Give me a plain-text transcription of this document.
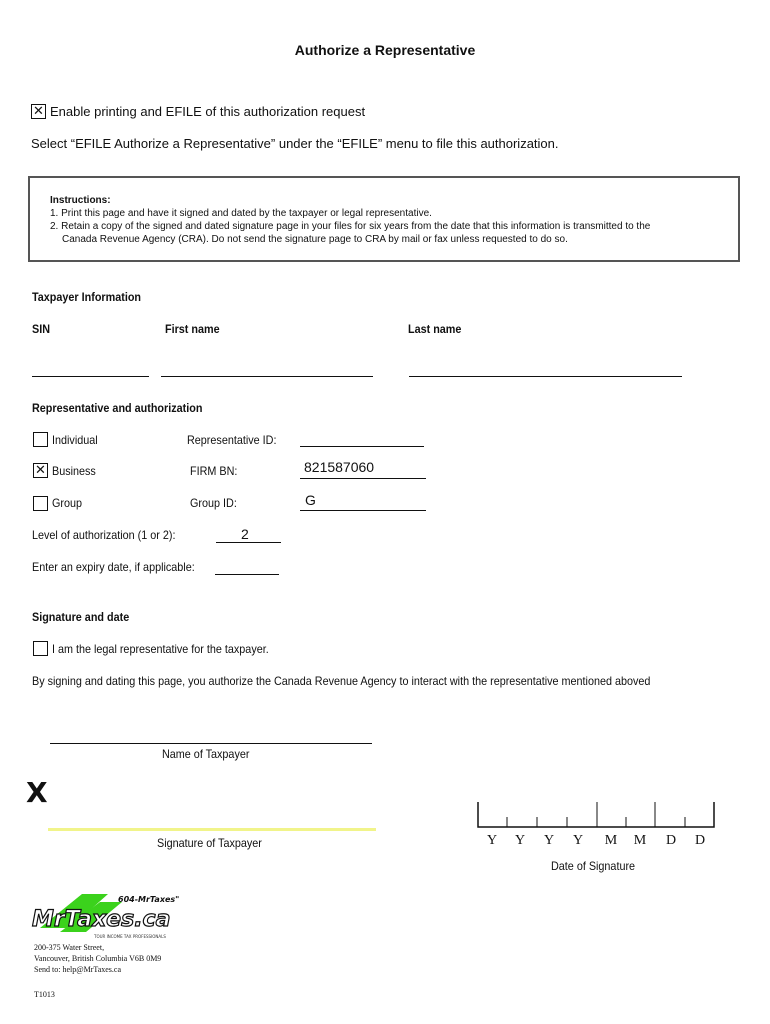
Authorize a Representative
✕ Enable printing and EFILE of this authorization request
Select “EFILE Authorize a Representative” under the “EFILE” menu to file this authorization.
Instructions:
1. Print this page and have it signed and dated by the taxpayer or legal representative.
2. Retain a copy of the signed and dated signature page in your files for six years from the date that this information is transmitted to the
Canada Revenue Agency (CRA). Do not send the signature page to CRA by mail or fax unless requested to do so.
Taxpayer Information
SIN	First name	Last name
Representative and authorization
Individual	Representative ID:
✕ Business	FIRM BN:	821587060
Group	Group ID:	G
Level of authorization (1 or 2):	2
Enter an expiry date, if applicable:
Signature and date
I am the legal representative for the taxpayer.
By signing and dating this page, you authorize the Canada Revenue Agency to interact with the representative mentioned aboved
Name of Taxpayer
X
Signature of Taxpayer	Y	Y	Y	Y	M M	D	D
Date of Signature
604-MrTaxes"
MrTaxes.ca
TOUR INCOME TAX PROFESSIONALS
200-375 Water Street,
Vancouver, British Columbia V6B 0M9
Send to: help@MrTaxes.ca
T1013
